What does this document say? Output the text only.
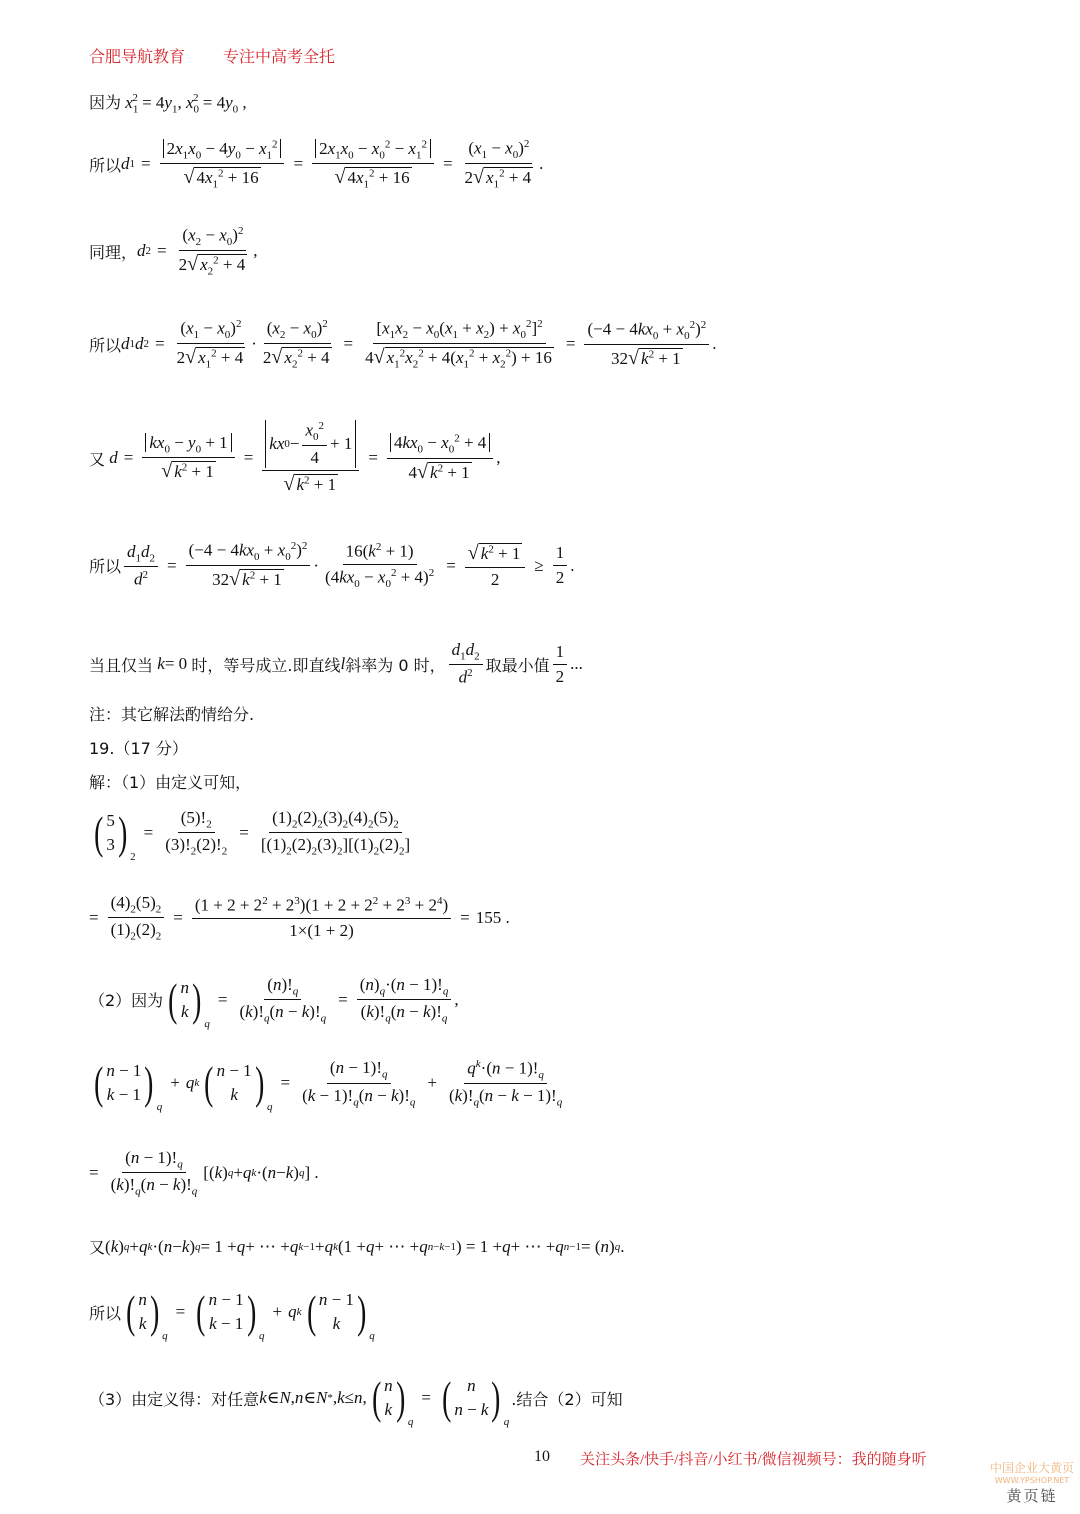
合肥导航教育 专注中高考全托
因为 $x_1^2 = 4y_1$, $x_0^2 = 4y_0$ ,
所以 d $1 = \frac{2x_1x_0 - 4y_0 - x_1^2}{√ 4x_1^2 + 16} = \frac{2x_1x_0 - x_0^2 - x_1^2}{√ 4x_1^2 + 16} = \frac{(x_1 - x_0)^2}{2√ x_1^2 + 4}$ .
同理， d $2 = \frac{(x_2 - x_0)^2}{2√ x_2^2 + 4}$ ,
所以 d 1 d $2 = \frac{(x_1 - x_0)^2}{2√ x_1^2 + 4} \cdot \frac{(x_2 - x_0)^2}{2√ x_2^2 + 4} = \frac{[x_1x_2 - x_0(x_1 + x_2) + x_0^2]^2}{4√ x_1^2x_2^2 + 4(x_1^2 + x_2^2) + 16} = \frac{(-4 - 4kx_0 + x_0^2)^2}{32√ k^2 + 1}$ .
又
$d = \frac{kx_0 - y_0 + 1}{√ k^2 + 1} = \frac{kx 0 - \frac{x_0^2}{4} + 1}{√ k^2 + 1} = \frac{4kx_0 - x_0^2 + 4}{4√ k^2 + 1}$ ,
所以 $\frac{d_1d_2}{d^2} = \frac{(-4 - 4kx_0 + x_0^2)^2}{32√ k^2 + 1} \cdot \frac{16(k^2 + 1)}{(4kx_0 - x_0^2 + 4)^2} = \frac{√ k^2 + 1}{2} \ge \frac{1}{2}$ .
当且仅当
k = 0 时，等号成立.即直线 l 斜率为 0 时， $\frac{d_1d_2}{d^2}$ 取最小值 $\frac{1}{2}$ ...
注：其它解法酌情给分.
19.（17 分）
解：（1）由定义可知，
( 5
3 ) $_2$
= $\frac{(5)!_2}{(3)!_2(2)!_2} = \frac{(1)_2(2)_2(3)_2(4)_2(5)_2}{[(1)_2(2)_2(3)_2][(1)_2(2)_2]}$
= $\frac{(4)_2(5)_2}{(1)_2(2)_2} = \frac{(1 + 2 + 2^2 + 2^3)(1 + 2 + 2^2 + 2^3 + 2^4)}{1\times(1 + 2)} = 155$ .
（2）因为 ( n
k ) $_q$
= $\frac{(n)!_q}{(k)!_q(n - k)!_q} = \frac{(n)_q\cdot(n - 1)!_q}{(k)!_q(n - k)!_q}$ ,
( n − 1
k − 1 ) $_q$
+ q k ( n − 1
k ) $_q$
= $\frac{(n - 1)!_q}{(k - 1)!_q(n - k)!_q} + \frac{q^k\cdot(n - 1)!_q}{(k)!_q(n - k - 1)!_q}$
= $\frac{(n - 1)!_q}{(k)!_q(n - k)!_q}$ [( k ) q + q k ·( n − k ) q ] .
又 ( k ) q + q k ·( n − k ) q = 1 + q + ⋯ + q k−1 + q k (1 + q + ⋯ + q n−k−1 ) = 1 + q + ⋯ + q n−1 = ( n ) q .
所以 ( n
k ) $_q$
= ( n − 1
k − 1 ) $_q$
+ q k ( n − 1
k ) $_q$
（3）由定义得：对任意 k ∈ N , n ∈ N * , k ≤ n , ( n
k ) $_q$
= ( n
n − k ) $_q$
.结合（2）可知
10 关注头条/快手/抖音/小红书/微信视频号：我的随身听	中国企业大黄页
WWW.YPSHOP.NET
黄页链
